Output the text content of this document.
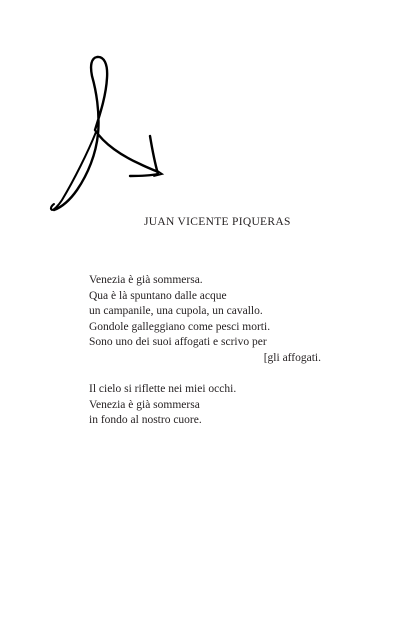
JUAN VICENTE PIQUERAS
Venezia è già sommersa.
Qua è là spuntano dalle acque
un campanile, una cupola, un cavallo.
Gondole galleggiano come pesci morti.
Sono uno dei suoi affogati e scrivo per
[gli affogati.
Il cielo si riflette nei miei occhi.
Venezia è già sommersa
in fondo al nostro cuore.
